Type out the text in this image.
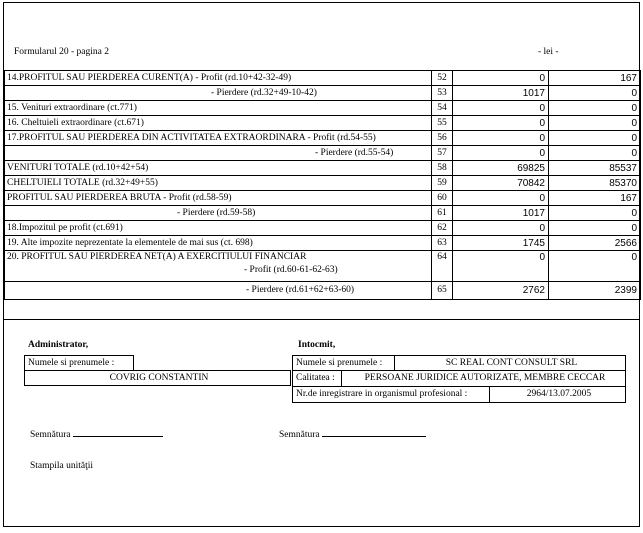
Formularul 20 - pagina 2	- lei -
14.PROFITUL SAU PIERDEREA CURENT(A) - Profit (rd.10+42-32-49)	52	0	167
- Pierdere (rd.32+49-10-42)	53	1017	0
15. Venituri extraordinare (ct.771)	54	0	0
16. Cheltuieli extraordinare (ct.671)	55	0	0
17.PROFITUL SAU PIERDEREA DIN ACTIVITATEA EXTRAORDINARA - Profit (rd.54-55)	56	0	0
- Pierdere (rd.55-54)	57	0	0
VENITURI TOTALE (rd.10+42+54)	58	69825	85537
CHELTUIELI TOTALE (rd.32+49+55)	59	70842	85370
PROFITUL SAU PIERDEREA BRUTA - Profit (rd.58-59)	60	0	167
- Pierdere (rd.59-58)	61	1017	0
18.Impozitul pe profit (ct.691)	62	0	0
19. Alte impozite neprezentate la elementele de mai sus (ct. 698)	63	1745	2566

20. PROFITUL SAU PIERDEREA NET(A) A EXERCITIULUI FINANCIAR
- Profit (rd.60-61-62-63)	64	0	0
- Pierdere (rd.61+62+63-60)	65	2762	2399
Administrator,
Numele si prenumele :
COVRIG CONSTANTIN
Intocmit,
Numele si prenumele :	SC REAL CONT CONSULT SRL
Calitatea :	PERSOANE JURIDICE AUTORIZATE, MEMBRE CECCAR
Nr.de inregistrare in organismul profesional :	2964/13.07.2005
Semnătura	Semnătura
Stampila unităţii
